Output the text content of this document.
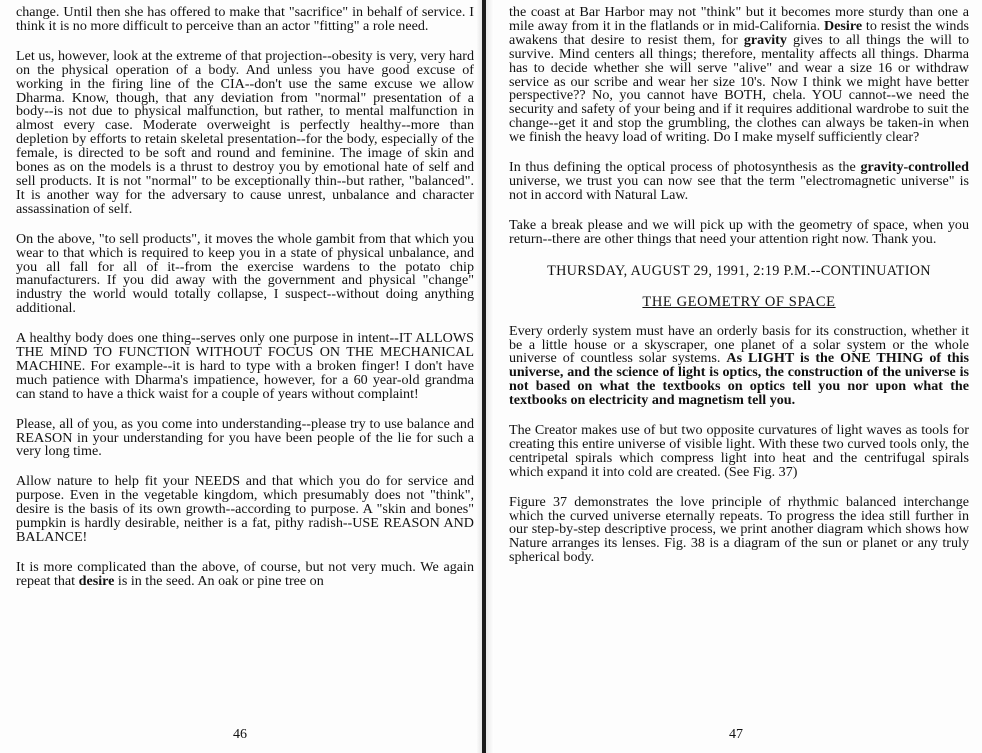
change. Until then she has offered to make that "sacrifice" in behalf of service. I think it is no more difficult to perceive than an actor "fitting" a role need.

Let us, however, look at the extreme of that projection--obesity is very, very hard on the physical operation of a body. And unless you have good excuse of working in the firing line of the CIA--don't use the same excuse we allow Dharma. Know, though, that any deviation from "normal" presentation of a body--is not due to physical malfunction, but rather, to mental malfunction in almost every case. Moderate overweight is perfectly healthy--more than depletion by efforts to retain skeletal presentation--for the body, especially of the female, is directed to be soft and round and feminine. The image of skin and bones as on the models is a thrust to destroy you by emotional hate of self and sell products. It is not "normal" to be exceptionally thin--but rather, "balanced". It is another way for the adversary to cause unrest, unbalance and character assassination of self.

On the above, "to sell products", it moves the whole gambit from that which you wear to that which is required to keep you in a state of physical unbalance, and you all fall for all of it--from the exercise wardens to the potato chip manufacturers. If you did away with the government and physical "change" industry the world would totally collapse, I suspect--without doing anything additional.

A healthy body does one thing--serves only one purpose in intent--IT ALLOWS THE MIND TO FUNCTION WITHOUT FOCUS ON THE MECHANICAL MACHINE. For example--it is hard to type with a broken finger! I don't have much patience with Dharma's impatience, however, for a 60 year-old grandma can stand to have a thick waist for a couple of years without complaint!

Please, all of you, as you come into understanding--please try to use balance and REASON in your understanding for you have been people of the lie for such a very long time.

Allow nature to help fit your NEEDS and that which you do for service and purpose. Even in the vegetable kingdom, which presumably does not "think", desire is the basis of its own growth--according to purpose. A "skin and bones" pumpkin is hardly desirable, neither is a fat, pithy radish--USE REASON AND BALANCE!

It is more complicated than the above, of course, but not very much. We again repeat that desire is in the seed. An oak or pine tree on

46

the coast at Bar Harbor may not "think" but it becomes more sturdy than one a mile away from it in the flatlands or in mid-California. Desire to resist the winds awakens that desire to resist them, for gravity gives to all things the will to survive. Mind centers all things; therefore, mentality affects all things. Dharma has to decide whether she will serve "alive" and wear a size 16 or withdraw service as our scribe and wear her size 10's. Now I think we might have better perspective?? No, you cannot have BOTH, chela. YOU cannot--we need the security and safety of your being and if it requires additional wardrobe to suit the change--get it and stop the grumbling, the clothes can always be taken-in when we finish the heavy load of writing. Do I make myself sufficiently clear?

In thus defining the optical process of photosynthesis as the gravity-controlled universe, we trust you can now see that the term "electromagnetic universe" is not in accord with Natural Law.

Take a break please and we will pick up with the geometry of space, when you return--there are other things that need your attention right now. Thank you.

THURSDAY, AUGUST 29, 1991, 2:19 P.M.--CONTINUATION
THE GEOMETRY OF SPACE

Every orderly system must have an orderly basis for its construction, whether it be a little house or a skyscraper, one planet of a solar system or the whole universe of countless solar systems. As LIGHT is the ONE THING of this universe, and the science of light is optics, the construction of the universe is not based on what the textbooks on optics tell you nor upon what the textbooks on electricity and magnetism tell you.

The Creator makes use of but two opposite curvatures of light waves as tools for creating this entire universe of visible light. With these two curved tools only, the centripetal spirals which compress light into heat and the centrifugal spirals which expand it into cold are created. (See Fig. 37)

Figure 37 demonstrates the love principle of rhythmic balanced interchange which the curved universe eternally repeats. To progress the idea still further in our step-by-step descriptive process, we print another diagram which shows how Nature arranges its lenses. Fig. 38 is a diagram of the sun or planet or any truly spherical body.

47
